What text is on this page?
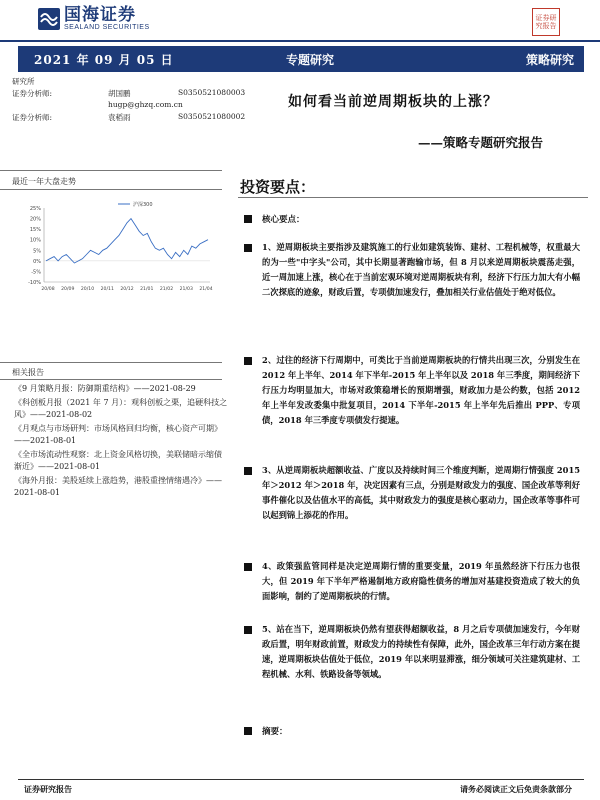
国海证券
SEALAND SECURITIES
证券研究报告
2021 年 09 月 05 日	专题研究	策略研究
研究所
证券分析师:	胡国鹏	S0350521080003
hugp@ghzq.com.cn
证券分析师:	袁稻雨	S0350521080002
如何看当前逆周期板块的上涨？
——策略专题研究报告
最近一年大盘走势
25%
20%
15%
10%
5%
0%
-5%
-10%
20/08 20/09 20/10 20/11 20/12 21/01 21/02 21/03 21/04
沪深300
相关报告

《9 月策略月报：防御期重结构》——2021-08-29

《科创板月报（2021 年 7 月）：观科创板之栗，追硬科技之风》——2021-08-02

《月观点与市场研判：市场风格回归均衡，核心资产可期》——2021-08-01

《全市场流动性观察：北上资金风格切换，美联储暗示缩债渐近》——2021-08-01

《海外月报：美股延续上涨趋势，港股重挫情绪遇冷》——2021-08-01

投资要点：
核心要点：
1、逆周期板块主要指涉及建筑施工的行业如建筑装饰、建材、工程机械等，权重最大的为一些"中字头"公司，其中长期显著跑输市场，但 8 月以来逆周期板块震荡走强，近一周加速上涨，核心在于当前宏观环境对逆周期板块有利，经济下行压力加大有小幅二次探底的迹象，财政后置，专项债加速发行，叠加相关行业估值处于绝对低位。
2、过往的经济下行周期中，可类比于当前逆周期板块的行情共出现三次，分别发生在 2012 年上半年、2014 年下半年-2015 年上半年以及 2018 年三季度，期间经济下行压力均明显加大，市场对政策稳增长的预期增强，财政加力是公约数，包括 2012 年上半年发改委集中批复项目，2014 下半年-2015 年上半年先后推出 PPP、专项债，2018 年三季度专项债发行提速。
3、从逆周期板块超额收益、广度以及持续时间三个维度判断，逆周期行情强度 2015 年＞2012 年＞2018 年，决定因素有三点，分别是财政发力的强度、国企改革等利好事件催化以及估值水平的高低，其中财政发力的强度是核心驱动力，国企改革等事件可以起到锦上添花的作用。
4、政策强监管同样是决定逆周期行情的重要变量，2019 年虽然经济下行压力也很大，但 2019 年下半年严格遏制地方政府隐性债务的增加对基建投资造成了较大的负面影响，制约了逆周期板块的行情。
5、站在当下，逆周期板块仍然有望获得超额收益，8 月之后专项债加速发行，今年财政后置，明年财政前置，财政发力的持续性有保障，此外，国企改革三年行动方案在提速，逆周期板块估值处于低位，2019 年以来明显滞涨，细分领域可关注建筑建材、工程机械、水利、铁路设备等领域。
摘要：
证券研究报告	请务必阅读正文后免责条款部分
